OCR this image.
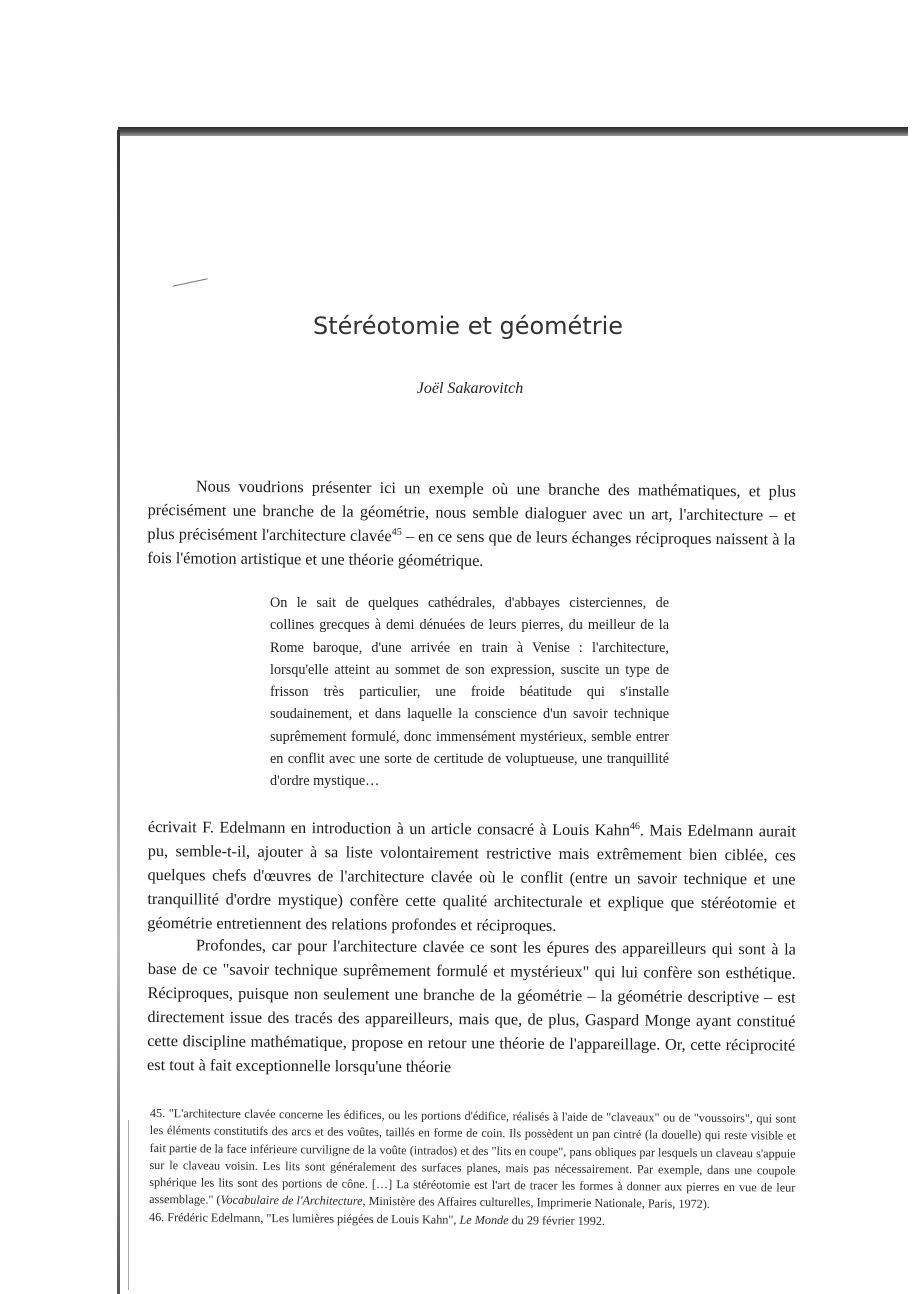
Stéréotomie et géométrie

Joël Sakarovitch

Nous voudrions présenter ici un exemple où une branche des mathématiques, et plus précisément une branche de la géométrie, nous semble dialoguer avec un art, l'architecture – et plus précisément l'architecture clavée$^{45}$ – en ce sens que de leurs échanges réciproques naissent à la fois l'émotion artistique et une théorie géométrique.

On le sait de quelques cathédrales, d'abbayes cisterciennes, de collines grecques à demi dénuées de leurs pierres, du meilleur de la Rome baroque, d'une arrivée en train à Venise : l'architecture, lorsqu'elle atteint au sommet de son expression, suscite un type de frisson très particulier, une froide béatitude qui s'installe soudainement, et dans laquelle la conscience d'un savoir technique suprêmement formulé, donc immensément mystérieux, semble entrer en conflit avec une sorte de certitude de voluptueuse, une tranquillité d'ordre mystique…

écrivait F. Edelmann en introduction à un article consacré à Louis Kahn$^{46}$. Mais Edelmann aurait pu, semble-t-il, ajouter à sa liste volontairement restrictive mais extrêmement bien ciblée, ces quelques chefs d'œuvres de l'architecture clavée où le conflit (entre un savoir technique et une tranquillité d'ordre mystique) confère cette qualité architecturale et explique que stéréotomie et géométrie entretiennent des relations profondes et réciproques.

Profondes, car pour l'architecture clavée ce sont les épures des appareilleurs qui sont à la base de ce "savoir technique suprêmement formulé et mystérieux" qui lui confère son esthétique. Réciproques, puisque non seulement une branche de la géométrie – la géométrie descriptive – est directement issue des tracés des appareilleurs, mais que, de plus, Gaspard Monge ayant constitué cette discipline mathématique, propose en retour une théorie de l'appareillage. Or, cette réciprocité est tout à fait exceptionnelle lorsqu'une théorie

45. "L'architecture clavée concerne les édifices, ou les portions d'édifice, réalisés à l'aide de "claveaux" ou de "voussoirs", qui sont les éléments constitutifs des arcs et des voûtes, taillés en forme de coin. Ils possèdent un pan cintré (la douelle) qui reste visible et fait partie de la face inférieure curviligne de la voûte (intrados) et des "lits en coupe", pans obliques par lesquels un claveau s'appuie sur le claveau voisin. Les lits sont généralement des surfaces planes, mais pas nécessairement. Par exemple, dans une coupole sphérique les lits sont des portions de cône. […] La stéréotomie est l'art de tracer les formes à donner aux pierres en vue de leur assemblage." (Vocabulaire de l'Architecture, Ministère des Affaires culturelles, Imprimerie Nationale, Paris, 1972).

46. Frédéric Edelmann, "Les lumières piégées de Louis Kahn", Le Monde du 29 février 1992.
